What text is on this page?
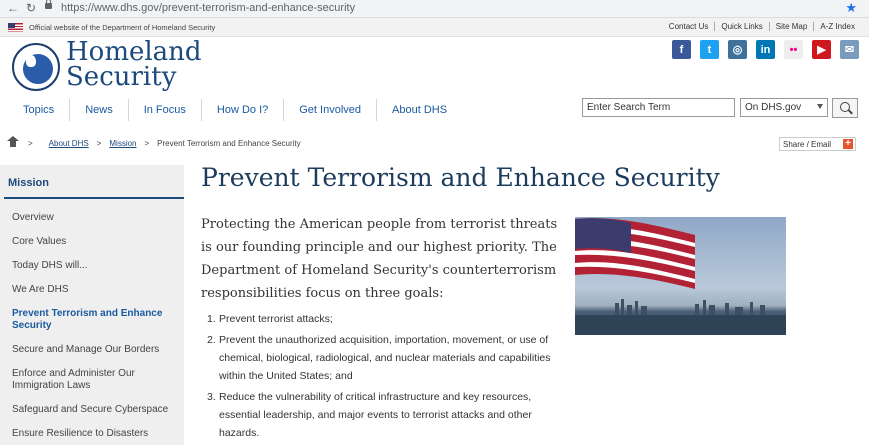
← ↻ https://www.dhs.gov/prevent-terrorism-and-enhance-security	★
Official website of the Department of Homeland Security	Contact Us	Quick Links	Site Map	A-Z Index
Homeland
Security
f	t	◎	in	••	▶	✉
Topics	News	In Focus	How Do I?	Get Involved	About DHS
Enter Search Term	On DHS.gov
> About DHS > Mission > Prevent Terrorism and Enhance Security	Share / Email +
Mission
Overview
Core Values
Today DHS will...
We Are DHS
Prevent Terrorism and Enhance Security
Secure and Manage Our Borders
Enforce and Administer Our Immigration Laws
Safeguard and Secure Cyberspace
Ensure Resilience to Disasters
Prevent Terrorism and Enhance Security

Protecting the American people from terrorist threats is our founding principle and our highest priority. The Department of Homeland Security's counterterrorism responsibilities focus on three goals:

1. Prevent terrorist attacks;
2. Prevent the unauthorized acquisition, importation, movement, or use of chemical, biological, radiological, and nuclear materials and capabilities within the United States; and
3. Reduce the vulnerability of critical infrastructure and key resources, essential leadership, and major events to terrorist attacks and other hazards.
